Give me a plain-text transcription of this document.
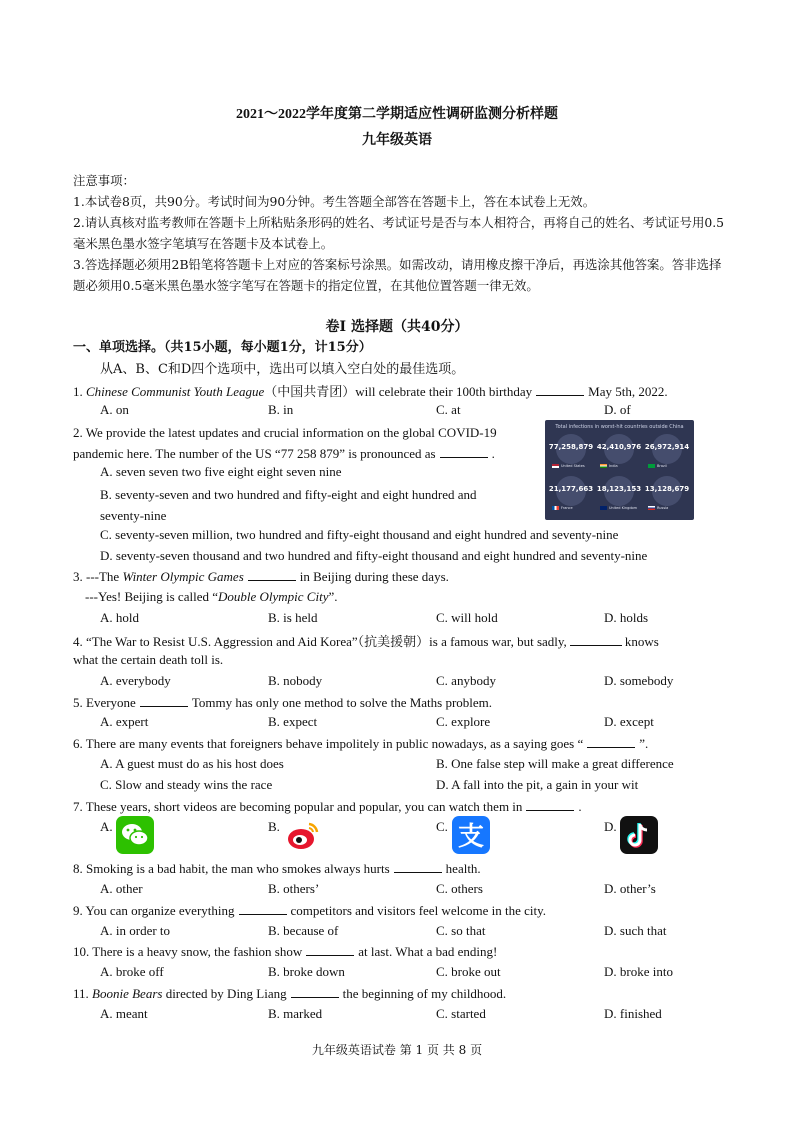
2021～2022学年度第二学期适应性调研监测分析样题
九年级英语
注意事项：
1.本试卷8页，共90分。考试时间为90分钟。考生答题全部答在答题卡上，答在本试卷上无效。
2.请认真核对监考教师在答题卡上所粘贴条形码的姓名、考试证号是否与本人相符合，再将自己的姓名、考试证号用0.5毫米黑色墨水签字笔填写在答题卡及本试卷上。
3.答选择题必须用2B铅笔将答题卡上对应的答案标号涂黑。如需改动，请用橡皮擦干净后，再选涂其他答案。答非选择题必须用0.5毫米黑色墨水签字笔写在答题卡的指定位置，在其他位置答题一律无效。
卷Ⅰ 选择题（共40分）
一、单项选择。（共15小题，每小题1分，计15分）
从A、B、C和D四个选项中，选出可以填入空白处的最佳选项。
1. Chinese Communist Youth League（中国共青团）will celebrate their 100th birthday	May 5th, 2022.
A. on	B. in	C. at	D. of
2. We provide the latest updates and crucial information on the global COVID-19 pandemic here. The number of the US “77 258 879” is pronounced as	.
A. seven seven two five eight eight seven nine
B. seventy-seven and two hundred and fifty-eight and eight hundred and seventy-nine
C. seventy-seven million, two hundred and fifty-eight thousand and eight hundred and seventy-nine
D. seventy-seven thousand and two hundred and fifty-eight thousand and eight hundred and seventy-nine
Total infections in worst-hit countries outside China
77,258,879
United States
42,410,976
India
26,972,914
Brazil
21,177,663
France
18,123,153
United Kingdom
13,128,679
Russia
3. ---The Winter Olympic Games	in Beijing during these days.
---Yes! Beijing is called “Double Olympic City”.
A. hold	B. is held	C. will hold	D. holds
4. “The War to Resist U.S. Aggression and Aid Korea”（抗美援朝）is a famous war, but sadly,	knows
what the certain death toll is.
A. everybody	B. nobody	C. anybody	D. somebody
5. Everyone	Tommy has only one method to solve the Maths problem.
A. expert	B. expect	C. explore	D. except
6. There are many events that foreigners behave impolitely in public nowadays, as a saying goes “	”.
A. A guest must do as his host does	B. One false step will make a great difference
C. Slow and steady wins the race	D. A fall into the pit, a gain in your wit
7. These years, short videos are becoming popular and popular, you can watch them in	.
A.	B.	C.	D.
支
8. Smoking is a bad habit, the man who smokes always hurts	health.
A. other	B. others’	C. others	D. other’s
9. You can organize everything	competitors and visitors feel welcome in the city.
A. in order to	B. because of	C. so that	D. such that
10. There is a heavy snow, the fashion show	at last. What a bad ending!
A. broke off	B. broke down	C. broke out	D. broke into
11. Boonie Bears directed by Ding Liang	the beginning of my childhood.
A. meant	B. marked	C. started	D. finished
九年级英语试卷 第 1 页 共 8 页
